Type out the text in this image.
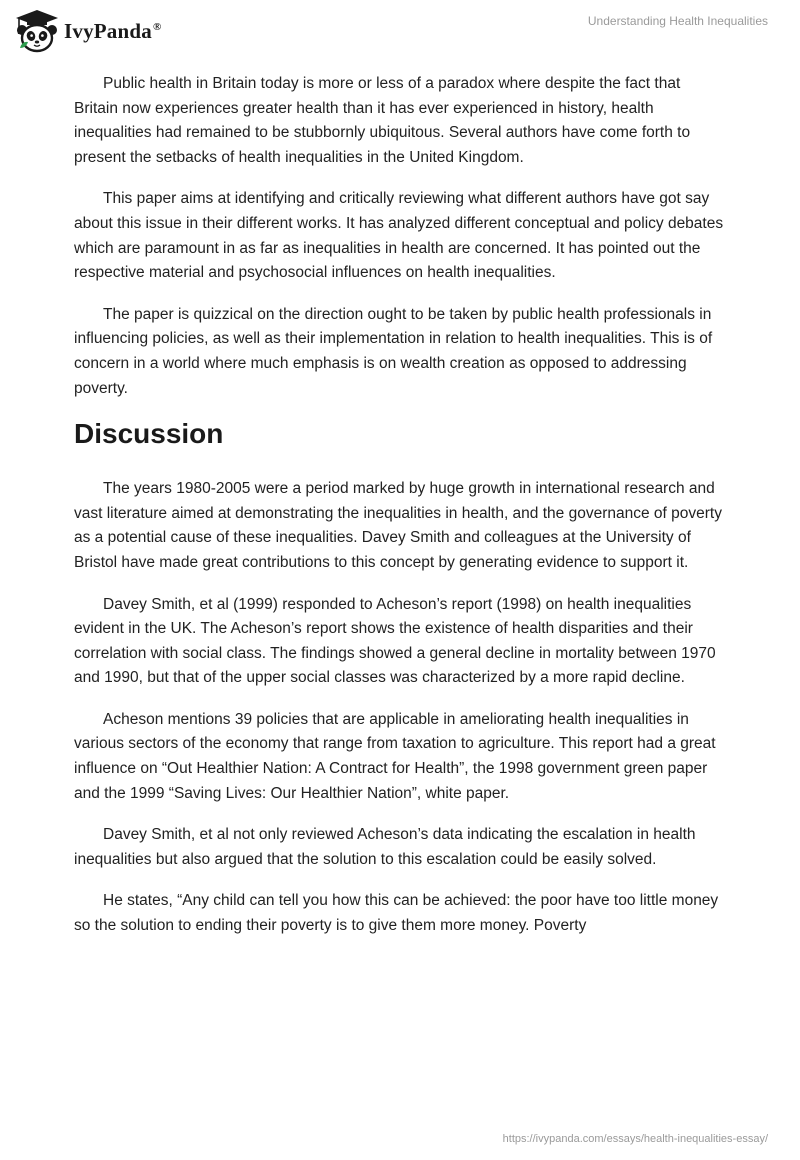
IvyPanda®	Understanding Health Inequalities

Public health in Britain today is more or less of a paradox where despite the fact that Britain now experiences greater health than it has ever experienced in history, health inequalities had remained to be stubbornly ubiquitous. Several authors have come forth to present the setbacks of health inequalities in the United Kingdom.

This paper aims at identifying and critically reviewing what different authors have got say about this issue in their different works. It has analyzed different conceptual and policy debates which are paramount in as far as inequalities in health are concerned. It has pointed out the respective material and psychosocial influences on health inequalities.

The paper is quizzical on the direction ought to be taken by public health professionals in influencing policies, as well as their implementation in relation to health inequalities. This is of concern in a world where much emphasis is on wealth creation as opposed to addressing poverty.

Discussion

The years 1980-2005 were a period marked by huge growth in international research and vast literature aimed at demonstrating the inequalities in health, and the governance of poverty as a potential cause of these inequalities. Davey Smith and colleagues at the University of Bristol have made great contributions to this concept by generating evidence to support it.

Davey Smith, et al (1999) responded to Acheson’s report (1998) on health inequalities evident in the UK. The Acheson’s report shows the existence of health disparities and their correlation with social class. The findings showed a general decline in mortality between 1970 and 1990, but that of the upper social classes was characterized by a more rapid decline.

Acheson mentions 39 policies that are applicable in ameliorating health inequalities in various sectors of the economy that range from taxation to agriculture. This report had a great influence on “Out Healthier Nation: A Contract for Health”, the 1998 government green paper and the 1999 “Saving Lives: Our Healthier Nation”, white paper.

Davey Smith, et al not only reviewed Acheson’s data indicating the escalation in health inequalities but also argued that the solution to this escalation could be easily solved.

He states, “Any child can tell you how this can be achieved: the poor have too little money so the solution to ending their poverty is to give them more money. Poverty

https://ivypanda.com/essays/health-inequalities-essay/
